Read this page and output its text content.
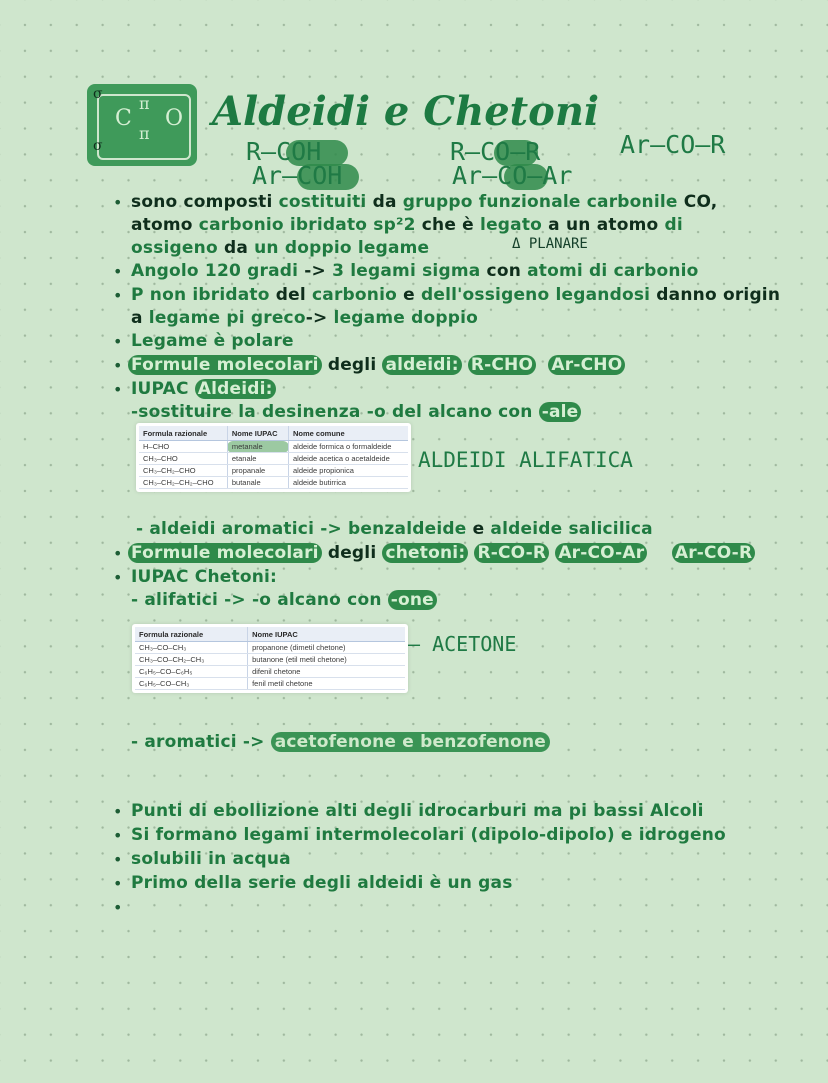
C
π
π
O
σ
σ
Aldeidi e Chetoni
R–COH
Ar–COH
R–CO–R
Ar–CO–Ar
Ar–CO–R
• sono composti costituiti da gruppo funzionale carbonile CO,
atomo carbonio ibridato sp²2 che è legato a un atomo di
ossigeno da un doppio legame	Δ PLANARE
• Angolo 120 gradi -> 3 legami sigma con atomi di carbonio
• P non ibridato del carbonio e dell'ossigeno legandosi danno origin
a legame pi greco-> legame doppio
• Legame è polare
• Formule molecolari degli aldeidi: R-CHO Ar-CHO
• IUPAC Aldeidi:
-sostituire la desinenza -o del alcano con -ale
Formula razionale	Nome IUPAC	Nome comune
H–CHO	metanale	aldeide formica o formaldeide
CH₃–CHO	etanale	aldeide acetica o acetaldeide
CH₃–CH₂–CHO	propanale	aldeide propionica
CH₃–CH₂–CH₂–CHO	butanale	aldeide butirrica
ALDEIDI ALIFATICA
- aldeidi aromatici -> benzaldeide e aldeide salicilica
• Formule molecolari degli chetoni: R-CO-R Ar-CO-Ar Ar-CO-R
• IUPAC Chetoni:
- alifatici -> -o alcano con -one
Formula razionale	Nome IUPAC
CH₃–CO–CH₃	propanone (dimetil chetone)
CH₃–CO–CH₂–CH₃	butanone (etil metil chetone)
C₆H₅–CO–C₆H₅	difenil chetone
C₆H₅–CO–CH₃	fenil metil chetone
— ACETONE
- aromatici -> acetofenone e benzofenone
• Punti di ebollizione alti degli idrocarburi ma pi bassi Alcoli
• Si formano legami intermolecolari (dipolo-dipolo) e idrogeno
• solubili in acqua
• Primo della serie degli aldeidi è un gas
•
